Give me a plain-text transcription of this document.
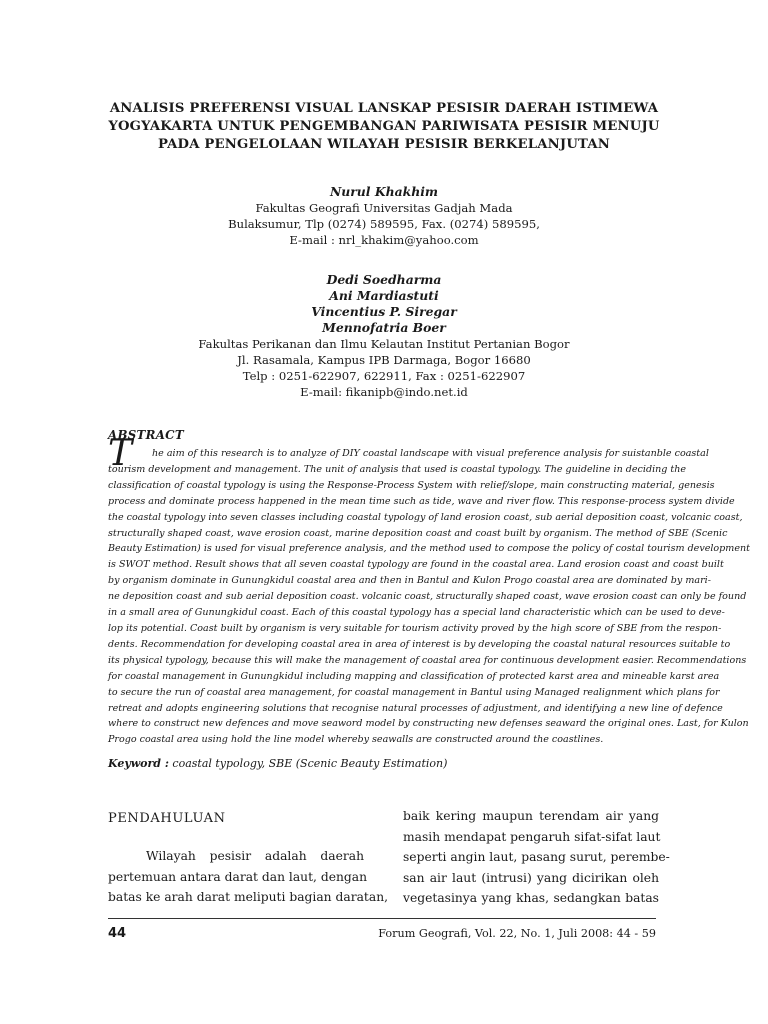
ANALISIS PREFERENSI VISUAL LANSKAP PESISIR DAERAH ISTIMEWA
YOGYAKARTA UNTUK PENGEMBANGAN PARIWISATA PESISIR MENUJU
PADA PENGELOLAAN WILAYAH PESISIR BERKELANJUTAN
Nurul Khakhim
Fakultas Geografi Universitas Gadjah Mada
Bulaksumur, Tlp (0274) 589595, Fax. (0274) 589595,
E-mail : nrl_khakim@yahoo.com
Dedi Soedharma
Ani Mardiastuti
Vincentius P. Siregar
Mennofatria Boer
Fakultas Perikanan dan Ilmu Kelautan Institut Pertanian Bogor
Jl. Rasamala, Kampus IPB Darmaga, Bogor 16680
Telp : 0251-622907, 622911, Fax : 0251-622907
E-mail: fikanipb@indo.net.id
ABSTRACT
T	he aim of this research is to analyze of DIY coastal landscape with visual preference analysis for suistanble coastal
tourism development and management. The unit of analysis that used is coastal typology. The guideline in deciding the
classification of coastal typology is using the Response-Process System with relief/slope, main constructing material, genesis
process and dominate process happened in the mean time such as tide, wave and river flow. This response-process system divide
the coastal typology into seven classes including coastal typology of land erosion coast, sub aerial deposition coast, volcanic coast,
structurally shaped coast, wave erosion coast, marine deposition coast and coast built by organism. The method of SBE (Scenic
Beauty Estimation) is used for visual preference analysis, and the method used to compose the policy of costal tourism development
is SWOT method. Result shows that all seven coastal typology are found in the coastal area. Land erosion coast and coast built
by organism dominate in Gunungkidul coastal area and then in Bantul and Kulon Progo coastal area are dominated by mari-
ne deposition coast and sub aerial deposition coast. volcanic coast, structurally shaped coast, wave erosion coast can only be found
in a small area of Gunungkidul coast. Each of this coastal typology has a special land characteristic which can be used to deve-
lop its potential. Coast built by organism is very suitable for tourism activity proved by the high score of SBE from the respon-
dents. Recommendation for developing coastal area in area of interest is by developing the coastal natural resources suitable to
its physical typology, because this will make the management of coastal area for continuous development easier. Recommendations
for coastal management in Gunungkidul including mapping and classification of protected karst area and mineable karst area
to secure the run of coastal area management, for coastal management in Bantul using Managed realignment which plans for
retreat and adopts engineering solutions that recognise natural processes of adjustment, and identifying a new line of defence
where to construct new defences and move seaword model by constructing new defenses seaward the original ones. Last, for Kulon
Progo coastal area using hold the line model whereby seawalls are constructed around the coastlines.
Keyword : coastal typology, SBE (Scenic Beauty Estimation)
PENDAHULUAN
Wilayah pesisir adalah daerah
pertemuan antara darat dan laut, dengan
batas ke arah darat meliputi bagian daratan,
baik kering maupun terendam air yang
masih mendapat pengaruh sifat-sifat laut
seperti angin laut, pasang surut, perembe-
san air laut (intrusi) yang dicirikan oleh
vegetasinya yang khas, sedangkan batas
44	Forum Geografi, Vol. 22, No. 1, Juli 2008: 44 - 59
